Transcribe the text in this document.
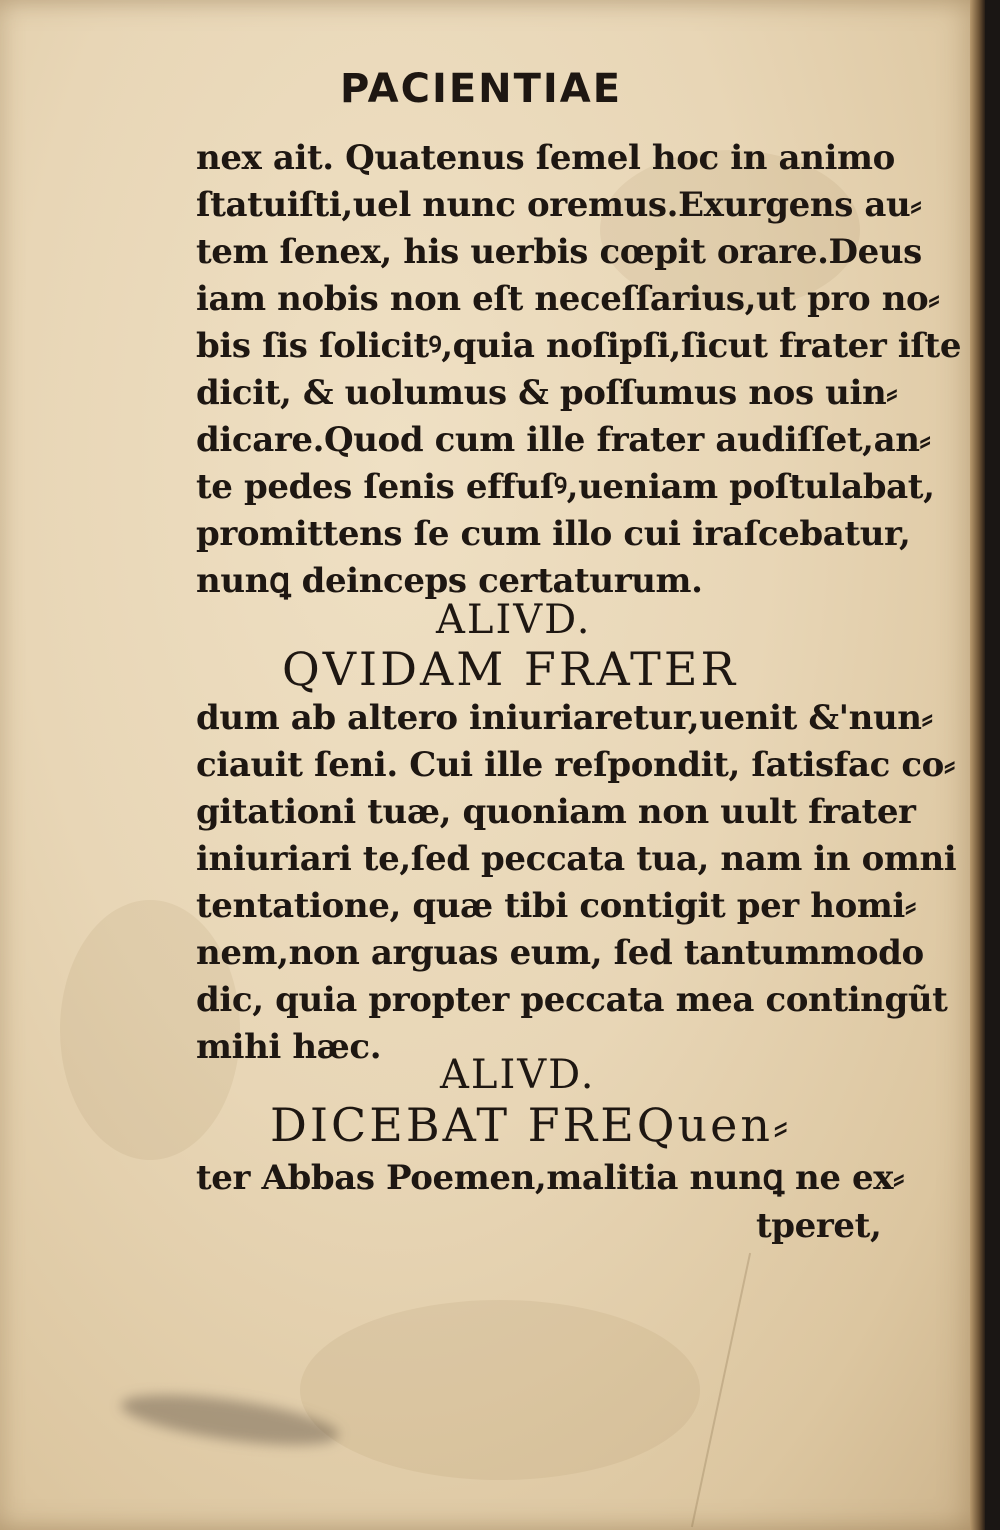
PACIENTIAE
nex ait. Quatenus ſemel hoc in animo
ſtatuiſti,uel nunc oremus.Exurgens au⸗
tem ſenex, his uerbis cœpit orare.Deus
iam nobis non eſt neceſſarius,ut pro no⸗
bis ſis ſolicitꝰ,quia noſipſi,ſicut frater iſte
dicit, & uolumus & poſſumus nos uin⸗
dicare.Quod cum ille frater audiſſet,an⸗
te pedes ſenis effuſꝰ,ueniam poſtulabat,
promittens ſe cum illo cui iraſcebatur,
nunꝗ deinceps certaturum.
ALIVD.
QVIDAM FRATER
dum ab altero iniuriaretur,uenit &'nun⸗
ciauit ſeni. Cui ille reſpondit, ſatisfac co⸗
gitationi tuæ, quoniam non uult frater
iniuriari te,ſed peccata tua, nam in omni
tentatione, quæ tibi contigit per homi⸗
nem,non arguas eum, ſed tantummodo
dic, quia propter peccata mea contingũt
mihi hæc.
ALIVD.
DICEBAT FREQuen⸗
ter Abbas Poemen,malitia nunꝗ ne ex⸗
tperet,
